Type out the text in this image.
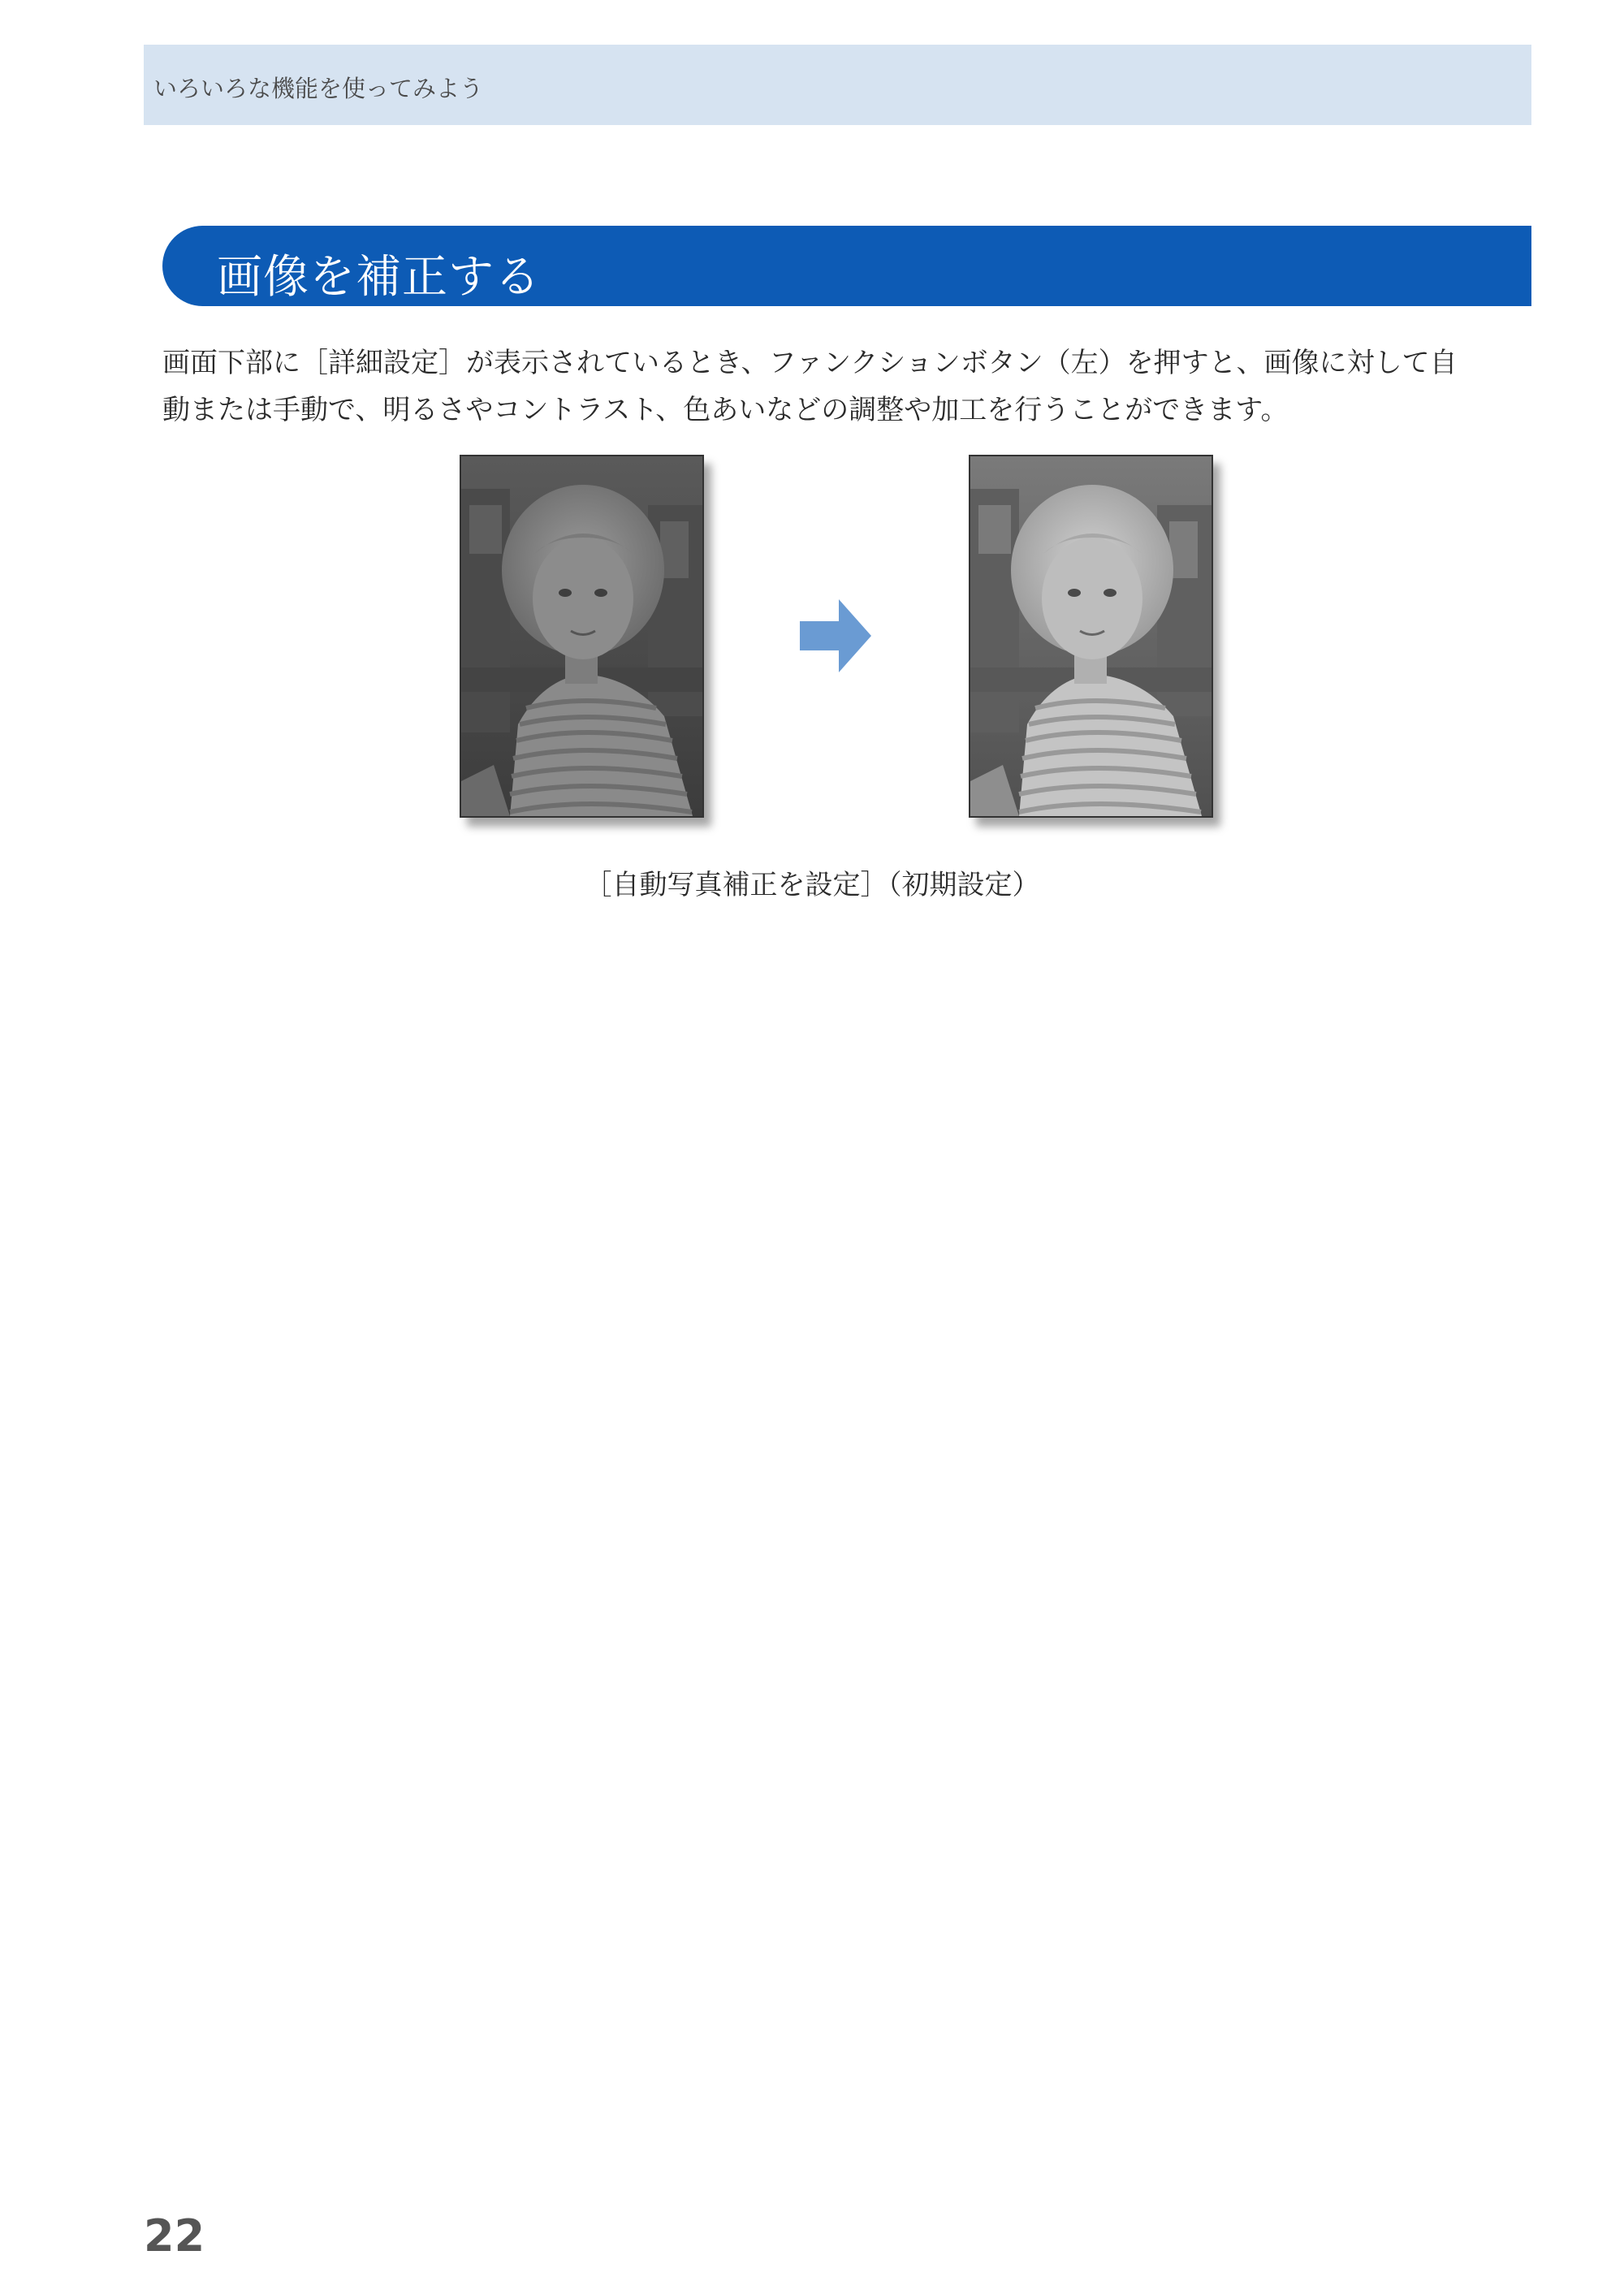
いろいろな機能を使ってみよう
画像を補正する

画面下部に［詳細設定］が表示されているとき、ファンクションボタン（左）を押すと、画像に対して自

動または手動で、明るさやコントラスト、色あいなどの調整や加工を行うことができます。

［自動写真補正を設定］（初期設定）
22
